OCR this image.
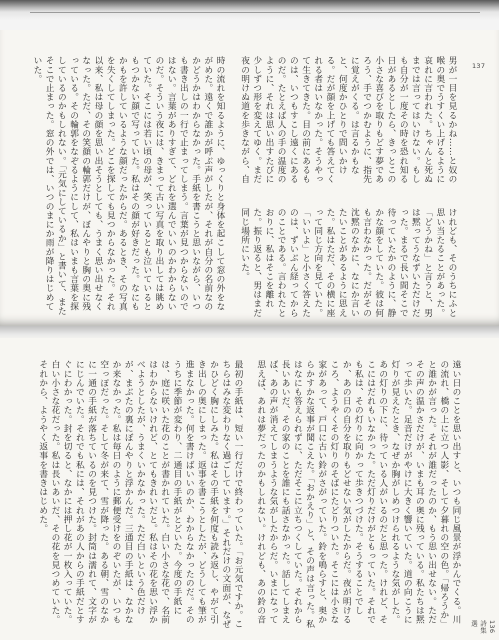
男が一目を見るかね……と奴の喉の奥でうすくい上げるように哀れに言われた。ちゃんと死ぬまでは言ってはいけない。もしも自分が一度その時を恐れ知る日があるとしたら、きっとこの小さな喜びを取りもどす夢であろう、手でつかむように、指先に覚えがくる。は言るかもなと、何度かひとりで問いかける。だが顔を上げても答えてくれる者はいなかった。そうやって生きてきた。目の前にあるものは、いつもすこし遠くにあるのだ。たとえば人の手の温度のように、それは思い出すたびに少しずつ形を変えてゆく。まだ夜の明けぬ道を歩きながら、自
けれども、そのうちにふと思い当たることがあった。「どうかね」と言うと、男は黙ってうなずいただけだった。まるで長い間そこで待っていたかのように、静かな顔をしていた。彼は何も言わなかった。だがその沈黙のなかに、なにか言いたいことがあるように思えた。私はただ、その横に座って同じ方向を見ていた。「いいよ」と小さく答えたのは、ずいぶん経ってからのことである。言われたとおりに、私はそこを離れた。振り返ると、男はまだ同じ場所にいた。
時の流れを知るように、ゆっくりと身体を起こして窓の外をながめた。遠くで誰かが呼ぶ声がしたが、それが自分の名前なのかどうかはわからなかった。手紙を書こうと思いながら、いつも書き出しの一行で止まってしまう。言葉が見つからないのではない。言葉がありすぎて、どれを選んでいいのかわからないのだ。そういう夜には、きまって古い写真を取り出しては眺めていた。そこには若い頃の母が、笑っているとも泣いているともつかない顔で写っていた。私はその顔が好きだった。なにもかもを許しているような顔だったからだ。あるとき、その写真を失くしてしまった。どこを探しても見つからなかった。それ以来、私は母の顔を思い出そうとしても、うまく思い出せなくなった。ただ、その笑顔の輪郭だけが、ぼんやりと胸の奥に残っている。その輪郭をなぞるようにして、私はいまも言葉を探しているのかもしれない。「元気にしているか」と書いて、またそこで止まった。窓の外では、いつのまにか雨が降りはじめていた。	137
遠い日のことを思い出すと、いつも同じ風景が浮かんでくる。川の流れ、橋の上に立つ人影、そして夕暮れの空の色。「帰ろうか」と誰かが言った。それが誰だったのか、もう思い出せない。ただその声の温かさだけが、いまも耳の奥に残っている。私たちは黙って歩いた。足音だけがやけに大きく響いていた。道の向こうに灯りが見えたとき、なぜか胸がしめつけられるような気がした。あの灯りの下に、待っている人がいるのだと思った。けれど、そこにはだれもいなかった。ただ灯りだけがともっていた。それでも私は、その灯りに向かって歩きつづけた。そうすることでしか、あの日の自分を取りもどせない気がしたからだ。夜が明けるころ、ようやくその灯りのそばにたどりついた。そこには小さな家があって、戸口に古い鈴がさがっていた。鈴を鳴らすと、奥からかすかな返事が聞こえた。「おかえり」と、その声は言った。私はなにも答えられずに、ただそこに立ちつくしていた。それから長いあいだ、その家のことを誰にも話さなかった。話してしまえば、あの声が消えてしまうような気がしたからだ。いまになって思えば、あれは夢だったのかもしれない。けれども、あの鈴の音
最初の手紙は、短い一行だけで終わっていた。「お元気ですか。こちらはみな変わりなく過ごしています。」それだけの文面が、なぜかひどく胸にしみた。私はその手紙を何度も読み返し、やがて引き出しの奥にしまった。返事を書こうとしたが、どうしても筆が進まなかった。何を書けばいいのか、わからなかったのだ。そのうちに季節が変わり、二通目の手紙がとどいた。今度の手紙には、庭に咲いた花のことが書かれていた。白い小さな花で、名前はわからないけれど、とてもきれいだと。私はその花を思い浮かべようとしたが、うまくいかなかった。ただ白いという色だけが、まぶたの裏にぼんやりと浮かんだ。三通目の手紙は、なかなか来なかった。私は毎日のように郵便受けをのぞいたが、いつも空っぽだった。そして冬が来て、雪が降った。ある朝、雪のなかに一通の手紙が落ちているのを見つけた。封筒は濡れて、文字がにじんでいた。それでも私には、それがあの人からの手紙だとすぐにわかった。封を切ると、なかには押し花が一枚入っていた。白い小さな花だった。私は長いあいだ、その花を見つめていた。それから、ようやく返事を書きはじめた。
136 詩集選
